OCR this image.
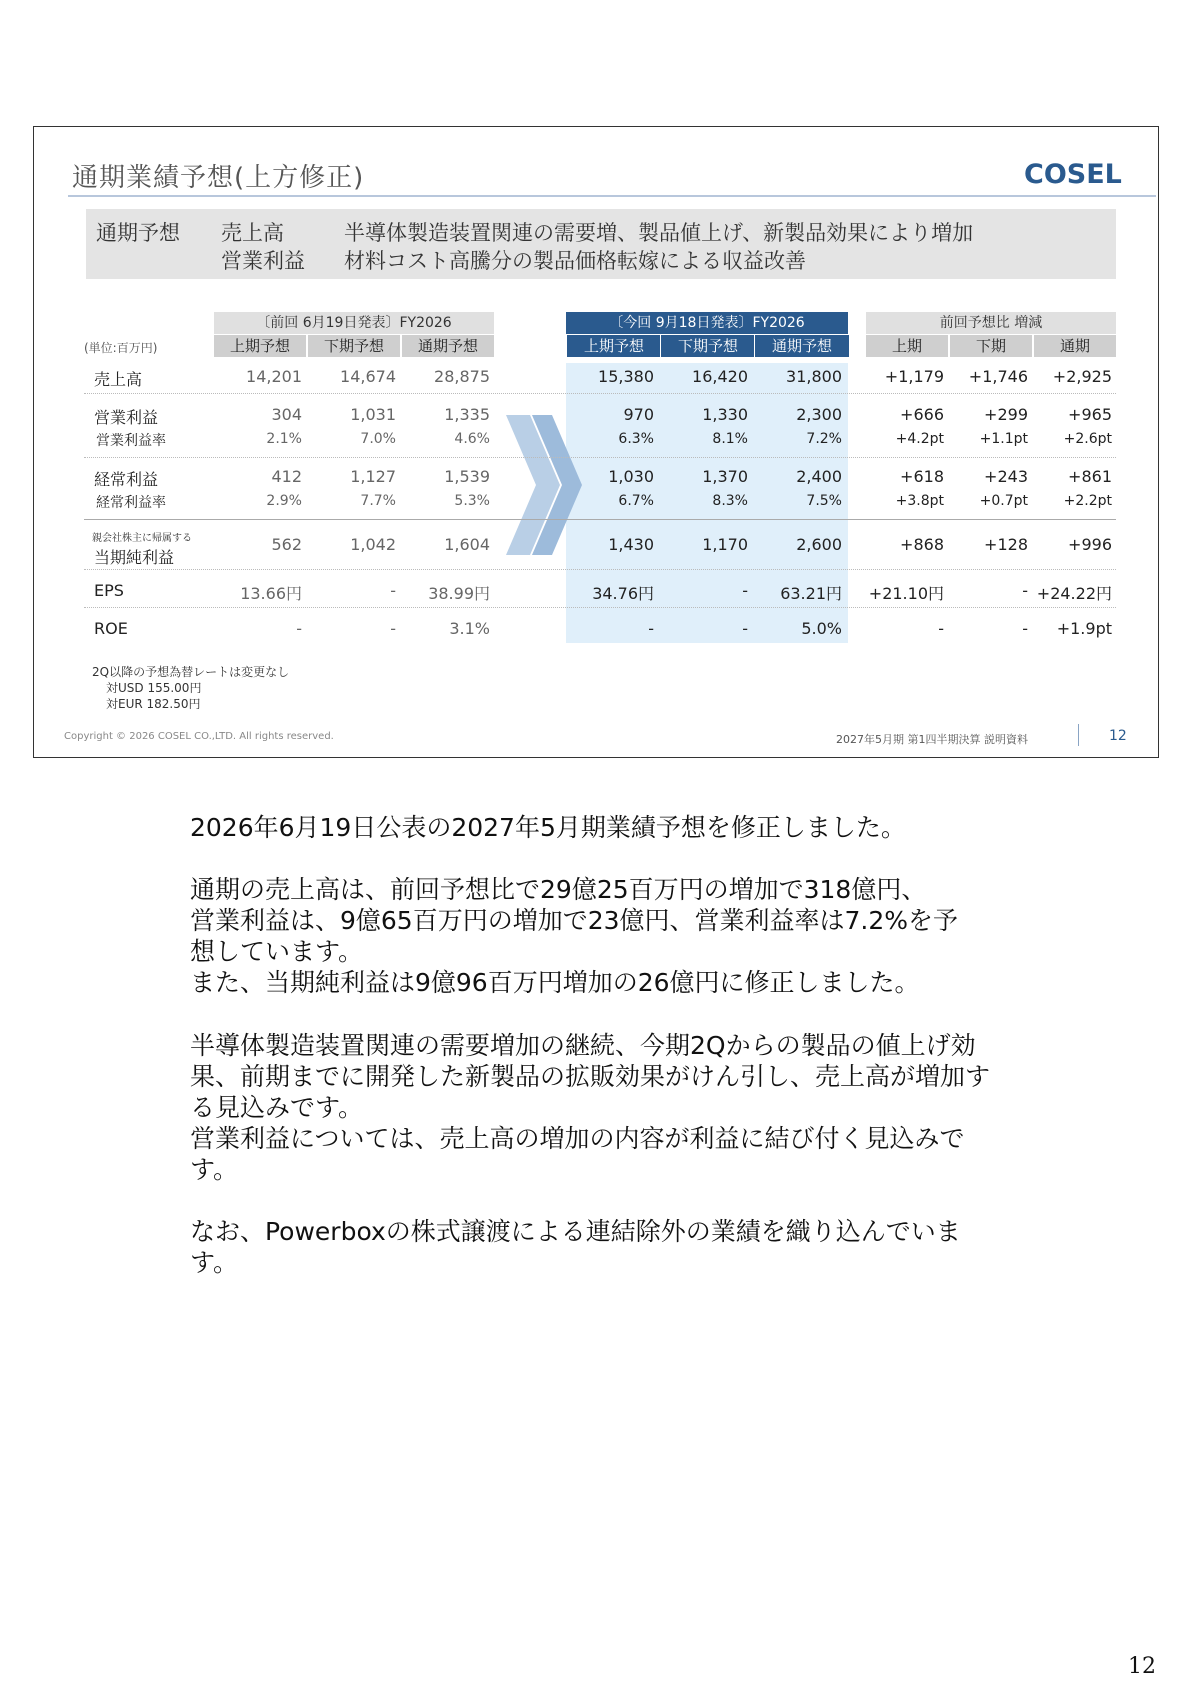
通期業績予想(上方修正)	COSEL
通期予想 売上高
営業利益
半導体製造装置関連の需要増、製品値上げ、新製品効果により増加
材料コスト高騰分の製品価格転嫁による収益改善
〔前回 6月19日発表〕FY2026	〔今回 9月18日発表〕FY2026	前回予想比 増減
上期予想	下期予想	通期予想	上期予想	下期予想	通期予想	上期	下期	通期
(単位:百万円)
売上高
営業利益
営業利益率
経常利益
経常利益率
親会社株主に帰属する
当期純利益
EPS
ROE
14,201	14,674	28,875	15,380	16,420	31,800	+1,179	+1,746	+2,925
304	1,031	1,335	970	1,330	2,300	+666	+299	+965
2.1%	7.0%	4.6%	6.3%	8.1%	7.2%	+4.2pt	+1.1pt	+2.6pt
412	1,127	1,539	1,030	1,370	2,400	+618	+243	+861
2.9%	7.7%	5.3%	6.7%	8.3%	7.5%	+3.8pt	+0.7pt	+2.2pt
562	1,042	1,604	1,430	1,170	2,600	+868	+128	+996
13.66円	-	38.99円	34.76円	-	63.21円	+21.10円	- +24.22円
-	-	3.1%	-	-	5.0%	-	-	+1.9pt
2Q以降の予想為替レートは変更なし
対USD 155.00円
対EUR 182.50円
Copyright © 2026 COSEL CO.,LTD. All rights reserved.	2027年5月期 第1四半期決算 説明資料	12
2026年6月19日公表の2027年5月期業績予想を修正しました。
通期の売上高は、前回予想比で29億25百万円の増加で318億円、
営業利益は、9億65百万円の増加で23億円、営業利益率は7.2%を予
想しています。
また、当期純利益は9億96百万円増加の26億円に修正しました。
半導体製造装置関連の需要増加の継続、今期2Qからの製品の値上げ効
果、前期までに開発した新製品の拡販効果がけん引し、売上高が増加す
る見込みです。
営業利益については、売上高の増加の内容が利益に結び付く見込みで
す。
なお、Powerboxの株式譲渡による連結除外の業績を織り込んでいま
す。
12
